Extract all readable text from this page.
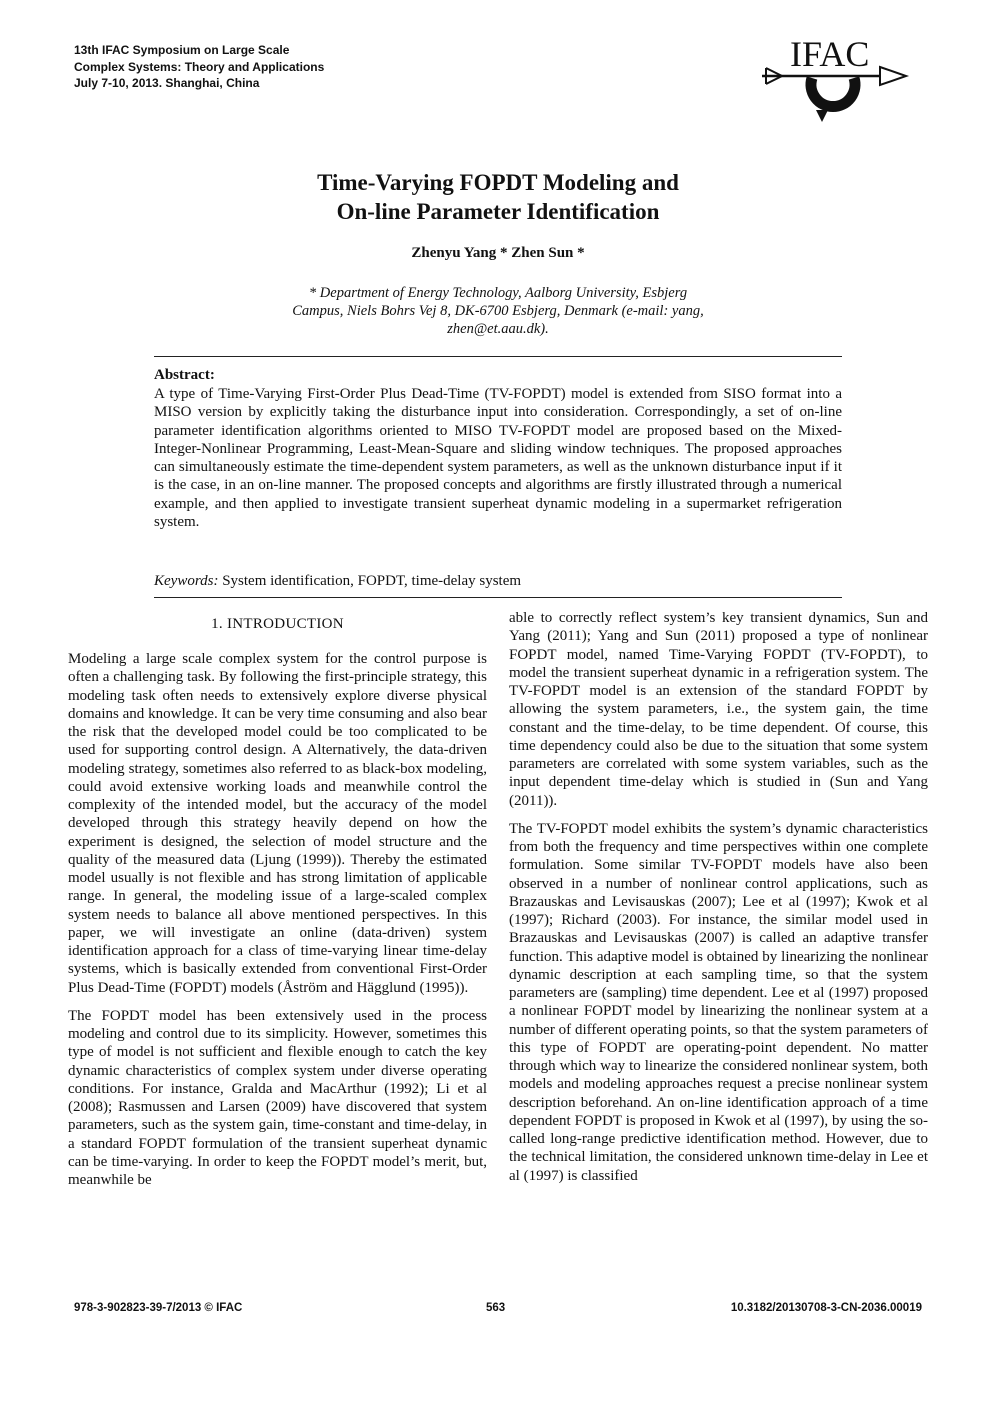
13th IFAC Symposium on Large Scale
Complex Systems: Theory and Applications
July 7-10, 2013. Shanghai, China
IFAC
Time-Varying FOPDT Modeling and
On-line Parameter Identification
Zhenyu Yang * Zhen Sun *
* Department of Energy Technology, Aalborg University, Esbjerg
Campus, Niels Bohrs Vej 8, DK-6700 Esbjerg, Denmark (e-mail: yang,
zhen@et.aau.dk).
Abstract:
A type of Time-Varying First-Order Plus Dead-Time (TV-FOPDT) model is extended from SISO format into a MISO version by explicitly taking the disturbance input into consideration. Correspondingly, a set of on-line parameter identification algorithms oriented to MISO TV-FOPDT model are proposed based on the Mixed-Integer-Nonlinear Programming, Least-Mean-Square and sliding window techniques. The proposed approaches can simultaneously estimate the time-dependent system parameters, as well as the unknown disturbance input if it is the case, in an on-line manner. The proposed concepts and algorithms are firstly illustrated through a numerical example, and then applied to investigate transient superheat dynamic modeling in a supermarket refrigeration system.
Keywords: System identification, FOPDT, time-delay system
1. INTRODUCTION

Modeling a large scale complex system for the control purpose is often a challenging task. By following the first-principle strategy, this modeling task often needs to extensively explore diverse physical domains and knowledge. It can be very time consuming and also bear the risk that the developed model could be too complicated to be used for supporting control design. A Alternatively, the data-driven modeling strategy, sometimes also referred to as black-box modeling, could avoid extensive working loads and meanwhile control the complexity of the intended model, but the accuracy of the model developed through this strategy heavily depend on how the experiment is designed, the selection of model structure and the quality of the measured data (Ljung (1999)). Thereby the estimated model usually is not flexible and has strong limitation of applicable range. In general, the modeling issue of a large-scaled complex system needs to balance all above mentioned perspectives. In this paper, we will investigate an online (data-driven) system identification approach for a class of time-varying linear time-delay systems, which is basically extended from conventional First-Order Plus Dead-Time (FOPDT) models (Åström and Hägglund (1995)).

The FOPDT model has been extensively used in the process modeling and control due to its simplicity. However, sometimes this type of model is not sufficient and flexible enough to catch the key dynamic characteristics of complex system under diverse operating conditions. For instance, Gralda and MacArthur (1992); Li et al (2008); Rasmussen and Larsen (2009) have discovered that system parameters, such as the system gain, time-constant and time-delay, in a standard FOPDT formulation of the transient superheat dynamic can be time-varying. In order to keep the FOPDT model’s merit, but, meanwhile be

able to correctly reflect system’s key transient dynamics, Sun and Yang (2011); Yang and Sun (2011) proposed a type of nonlinear FOPDT model, named Time-Varying FOPDT (TV-FOPDT), to model the transient superheat dynamic in a refrigeration system. The TV-FOPDT model is an extension of the standard FOPDT by allowing the system parameters, i.e., the system gain, the time constant and the time-delay, to be time dependent. Of course, this time dependency could also be due to the situation that some system parameters are correlated with some system variables, such as the input dependent time-delay which is studied in (Sun and Yang (2011)).

The TV-FOPDT model exhibits the system’s dynamic characteristics from both the frequency and time perspectives within one complete formulation. Some similar TV-FOPDT models have also been observed in a number of nonlinear control applications, such as Brazauskas and Levisauskas (2007); Lee et al (1997); Kwok et al (1997); Richard (2003). For instance, the similar model used in Brazauskas and Levisauskas (2007) is called an adaptive transfer function. This adaptive model is obtained by linearizing the nonlinear dynamic description at each sampling time, so that the system parameters are (sampling) time dependent. Lee et al (1997) proposed a nonlinear FOPDT model by linearizing the nonlinear system at a number of different operating points, so that the system parameters of this type of FOPDT are operating-point dependent. No matter through which way to linearize the considered nonlinear system, both models and modeling approaches request a precise nonlinear system description beforehand. An on-line identification approach of a time dependent FOPDT is proposed in Kwok et al (1997), by using the so-called long-range predictive identification method. However, due to the technical limitation, the considered unknown time-delay in Lee et al (1997) is classified

978-3-902823-39-7/2013 © IFAC	563	10.3182/20130708-3-CN-2036.00019
